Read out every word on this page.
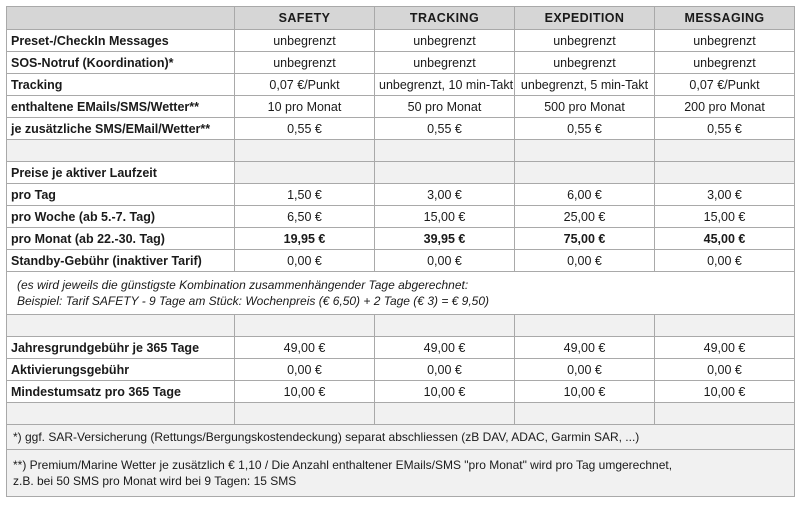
	SAFETY	TRACKING	EXPEDITION	MESSAGING
Preset-/CheckIn Messages	unbegrenzt	unbegrenzt	unbegrenzt	unbegrenzt
SOS-Notruf (Koordination)*	unbegrenzt	unbegrenzt	unbegrenzt	unbegrenzt
Tracking	0,07 €/Punkt	unbegrenzt, 10 min-Takt	unbegrenzt, 5 min-Takt	0,07 €/Punkt
enthaltene EMails/SMS/Wetter**	10 pro Monat	50 pro Monat	500 pro Monat	200 pro Monat
je zusätzliche SMS/EMail/Wetter**	0,55 €	0,55 €	0,55 €	0,55 €

Preise je aktiver Laufzeit				
pro Tag	1,50 €	3,00 €	6,00 €	3,00 €
pro Woche (ab 5.-7. Tag)	6,50 €	15,00 €	25,00 €	15,00 €
pro Monat (ab 22.-30. Tag)	19,95 €	39,95 €	75,00 €	45,00 €
Standby-Gebühr (inaktiver Tarif)	0,00 €	0,00 €	0,00 €	0,00 €

(es wird jeweils die günstigste Kombination zusammenhängender Tage abgerechnet:
Beispiel: Tarif SAFETY - 9 Tage am Stück: Wochenpreis (€ 6,50) + 2 Tage (€ 3) = € 9,50)				

Jahresgrundgebühr je 365 Tage	49,00 €	49,00 €	49,00 €	49,00 €
Aktivierungsgebühr	0,00 €	0,00 €	0,00 €	0,00 €
Mindestumsatz pro 365 Tage	10,00 €	10,00 €	10,00 €	10,00 €

*) ggf. SAR-Versicherung (Rettungs/Bergungskostendeckung) separat abschliessen (zB DAV, ADAC, Garmin SAR, ...)				

**) Premium/Marine Wetter je zusätzlich € 1,10 / Die Anzahl enthaltener EMails/SMS "pro Monat" wird pro Tag umgerechnet,
z.B. bei 50 SMS pro Monat wird bei 9 Tagen: 15 SMS				
